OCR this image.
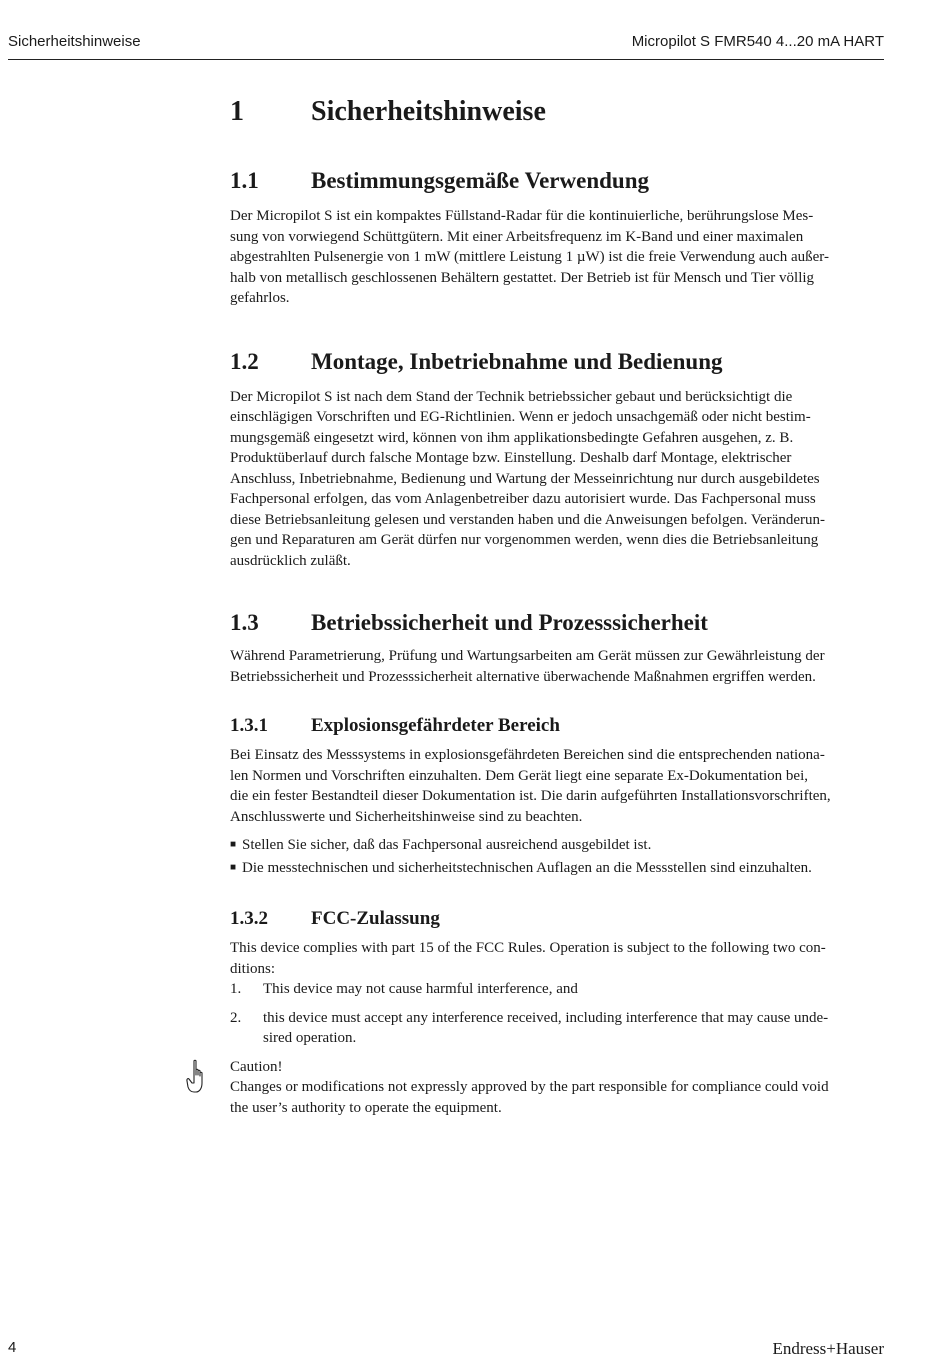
Sicherheitshinweise	Micropilot S FMR540 4...20 mA HART
1	Sicherheitshinweise
1.1	Bestimmungsgemäße Verwendung

Der Micropilot S ist ein kompaktes Füllstand-Radar für die kontinuierliche, berührungslose Mes-
sung von vorwiegend Schüttgütern. Mit einer Arbeitsfrequenz im K-Band und einer maximalen
abgestrahlten Pulsenergie von 1 mW (mittlere Leistung 1 µW) ist die freie Verwendung auch außer-
halb von metallisch geschlossenen Behältern gestattet. Der Betrieb ist für Mensch und Tier völlig
gefahrlos.

1.2	Montage, Inbetriebnahme und Bedienung

Der Micropilot S ist nach dem Stand der Technik betriebssicher gebaut und berücksichtigt die
einschlägigen Vorschriften und EG-Richtlinien. Wenn er jedoch unsachgemäß oder nicht bestim-
mungsgemäß eingesetzt wird, können von ihm applikationsbedingte Gefahren ausgehen, z. B.
Produktüberlauf durch falsche Montage bzw. Einstellung. Deshalb darf Montage, elektrischer
Anschluss, Inbetriebnahme, Bedienung und Wartung der Messeinrichtung nur durch ausgebildetes
Fachpersonal erfolgen, das vom Anlagenbetreiber dazu autorisiert wurde. Das Fachpersonal muss
diese Betriebsanleitung gelesen und verstanden haben und die Anweisungen befolgen. Veränderun-
gen und Reparaturen am Gerät dürfen nur vorgenommen werden, wenn dies die Betriebsanleitung
ausdrücklich zuläßt.

1.3	Betriebssicherheit und Prozesssicherheit

Während Parametrierung, Prüfung und Wartungsarbeiten am Gerät müssen zur Gewährleistung der
Betriebssicherheit und Prozesssicherheit alternative überwachende Maßnahmen ergriffen werden.

1.3.1	Explosionsgefährdeter Bereich

Bei Einsatz des Messsystems in explosionsgefährdeten Bereichen sind die entsprechenden nationa-
len Normen und Vorschriften einzuhalten. Dem Gerät liegt eine separate Ex-Dokumentation bei,
die ein fester Bestandteil dieser Dokumentation ist. Die darin aufgeführten Installationsvorschriften,
Anschlusswerte und Sicherheitshinweise sind zu beachten.

■ Stellen Sie sicher, daß das Fachpersonal ausreichend ausgebildet ist.
■ Die messtechnischen und sicherheitstechnischen Auflagen an die Messstellen sind einzuhalten.
1.3.2	FCC-Zulassung

This device complies with part 15 of the FCC Rules. Operation is subject to the following two con-
ditions:

1.	This device may not cause harmful interference, and
2.	this device must accept any interference received, including interference that may cause unde-
sired operation.

Caution!
Changes or modifications not expressly approved by the part responsible for compliance could void
the user’s authority to operate the equipment.

4	Endress+Hauser
